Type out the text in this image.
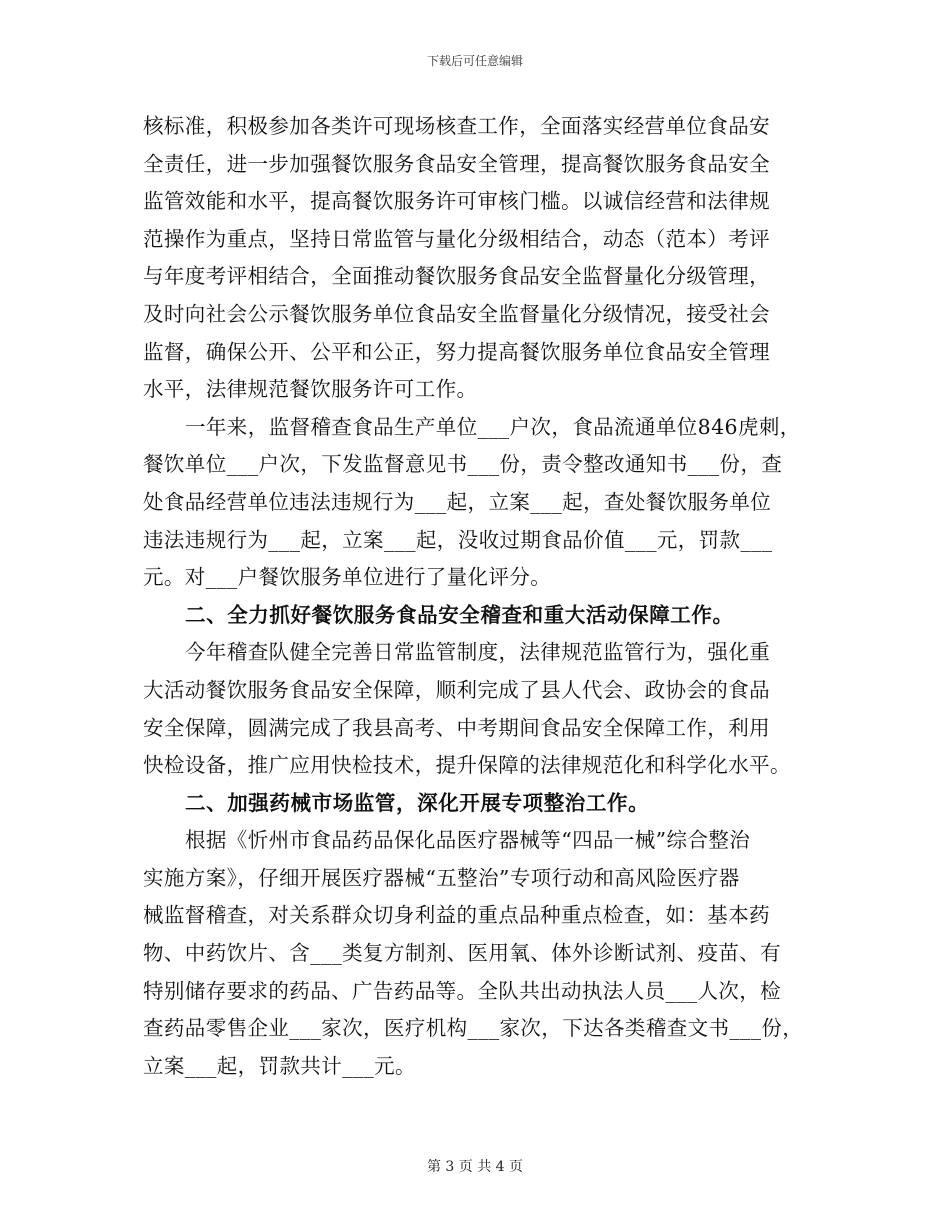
下载后可任意编辑
核标准，积极参加各类许可现场核查工作，全面落实经营单位食品安
全责任，进一步加强餐饮服务食品安全管理，提高餐饮服务食品安全
监管效能和水平，提高餐饮服务许可审核门槛。以诚信经营和法律规
范操作为重点，坚持日常监管与量化分级相结合，动态（范本）考评
与年度考评相结合，全面推动餐饮服务食品安全监督量化分级管理，
及时向社会公示餐饮服务单位食品安全监督量化分级情况，接受社会
监督，确保公开、公平和公正，努力提高餐饮服务单位食品安全管理
水平，法律规范餐饮服务许可工作。
一年来，监督稽查食品生产单位___户次，食品流通单位846虎刺，
餐饮单位___户次，下发监督意见书___份，责令整改通知书___份，查
处食品经营单位违法违规行为___起，立案___起，查处餐饮服务单位
违法违规行为___起，立案___起，没收过期食品价值___元，罚款___
元。对___户餐饮服务单位进行了量化评分。
二、全力抓好餐饮服务食品安全稽查和重大活动保障工作。
今年稽查队健全完善日常监管制度，法律规范监管行为，强化重
大活动餐饮服务食品安全保障，顺利完成了县人代会、政协会的食品
安全保障，圆满完成了我县高考、中考期间食品安全保障工作，利用
快检设备，推广应用快检技术，提升保障的法律规范化和科学化水平。
二、加强药械市场监管，深化开展专项整治工作。
根据《忻州市食品药品保化品医疗器械等“四品一械”综合整治
实施方案》，仔细开展医疗器械“五整治”专项行动和高风险医疗器
械监督稽查，对关系群众切身利益的重点品种重点检查，如：基本药
物、中药饮片、含___类复方制剂、医用氧、体外诊断试剂、疫苗、有
特别储存要求的药品、广告药品等。全队共出动执法人员___人次，检
查药品零售企业___家次，医疗机构___家次，下达各类稽查文书___份，
立案___起，罚款共计___元。
第 3 页 共 4 页
